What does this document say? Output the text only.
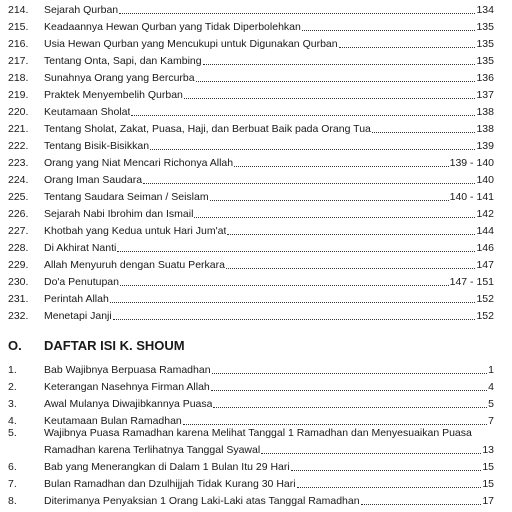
214.	Sejarah Qurban	134
215.	Keadaannya Hewan Qurban yang Tidak Diperbolehkan	135
216.	Usia Hewan Qurban yang Mencukupi untuk Digunakan Qurban	135
217.	Tentang Onta, Sapi, dan Kambing	135
218.	Sunahnya Orang yang Bercurba	136
219.	Praktek Menyembelih Qurban	137
220.	Keutamaan Sholat	138
221.	Tentang Sholat, Zakat, Puasa, Haji, dan Berbuat Baik pada Orang Tua	138
222.	Tentang Bisik-Bisikkan	139
223.	Orang yang Niat Mencari Richonya Allah	139 - 140
224.	Orang Iman Saudara	140
225.	Tentang Saudara Seiman / Seislam	140 - 141
226.	Sejarah Nabi Ibrohim dan Ismail	142
227.	Khotbah yang Kedua untuk Hari Jum'at	144
228.	Di Akhirat Nanti	146
229.	Allah Menyuruh dengan Suatu Perkara	147
230.	Do'a Penutupan	147 - 151
231.	Perintah Allah	152
232.	Menetapi Janji	152
O.	DAFTAR ISI K. SHOUM
1.	Bab Wajibnya Berpuasa Ramadhan	1
2.	Keterangan Nasehnya Firman Allah	4
3.	Awal Mulanya Diwajibkannya Puasa	5
4.	Keutamaan Bulan Ramadhan	7
5.	Wajibnya Puasa Ramadhan karena Melihat Tanggal 1 Ramadhan dan Menyesuaikan Puasa
Ramadhan karena Terlihatnya Tanggal Syawal	13
6.	Bab yang Menerangkan di Dalam 1 Bulan Itu 29 Hari	15
7.	Bulan Ramadhan dan Dzulhijjah Tidak Kurang 30 Hari	15
8.	Diterimanya Penyaksian 1 Orang Laki-Laki atas Tanggal Ramadhan	17
